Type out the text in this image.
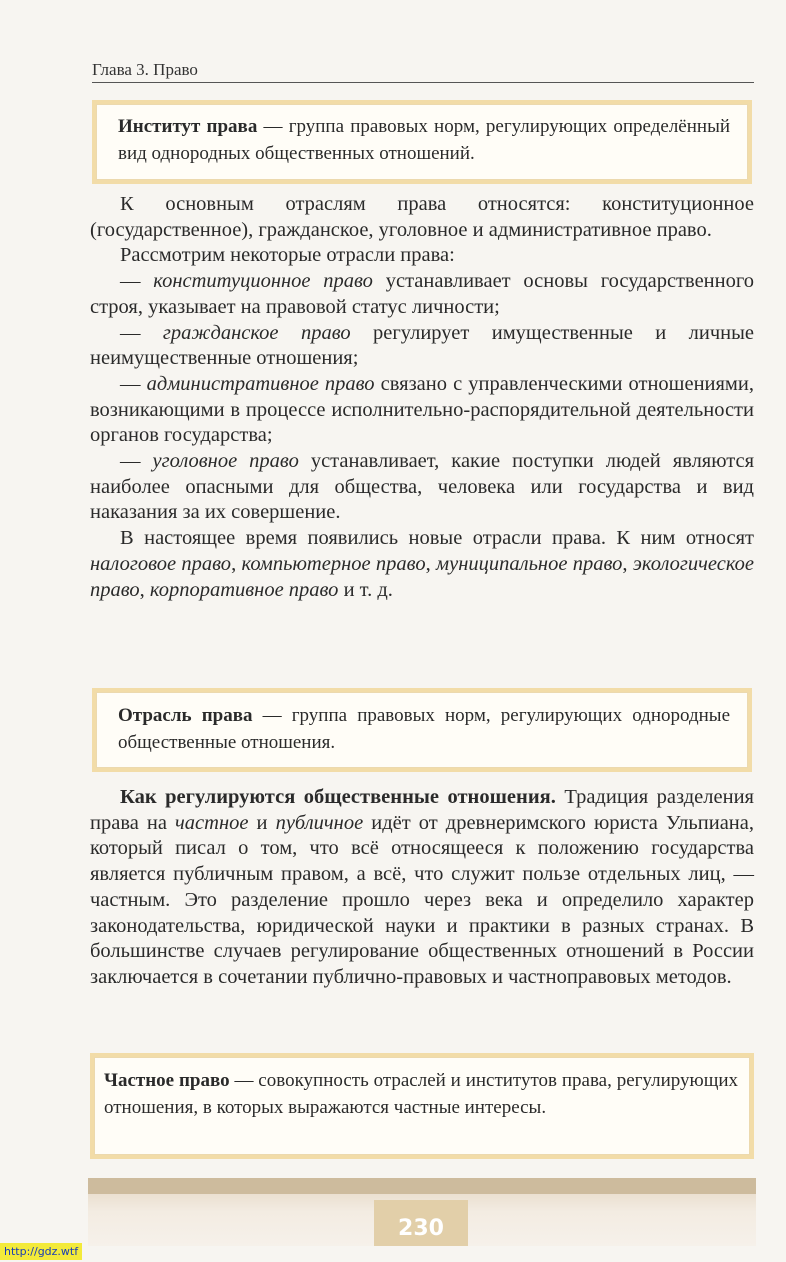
Глава 3. Право

Институт права — группа правовых норм, регулирующих определённый вид однородных общественных отношений.

К основным отраслям права относятся: конституционное (государственное), гражданское, уголовное и административное право.

Рассмотрим некоторые отрасли права:

— конституционное право устанавливает основы государственного строя, указывает на правовой статус личности;

— гражданское право регулирует имущественные и личные неимущественные отношения;

— административное право связано с управленческими отношениями, возникающими в процессе исполнительно-распорядительной деятельности органов государства;

— уголовное право устанавливает, какие поступки людей являются наиболее опасными для общества, человека или государства и вид наказания за их совершение.

В настоящее время появились новые отрасли права. К ним относят налоговое право, компьютерное право, муниципальное право, экологическое право, корпоративное право и т. д.

Отрасль права — группа правовых норм, регулирующих однородные общественные отношения.

Как регулируются общественные отношения. Традиция разделения права на частное и публичное идёт от древнеримского юриста Ульпиана, который писал о том, что всё относящееся к положению государства является публичным правом, а всё, что служит пользе отдельных лиц, — частным. Это разделение прошло через века и определило характер законодательства, юридической науки и практики в разных странах. В большинстве случаев регулирование общественных отношений в России заключается в сочетании публично-правовых и частноправовых методов.

Частное право — совокупность отраслей и институтов права, регулирующих отношения, в которых выражаются частные интересы.

230
http://gdz.wtf
